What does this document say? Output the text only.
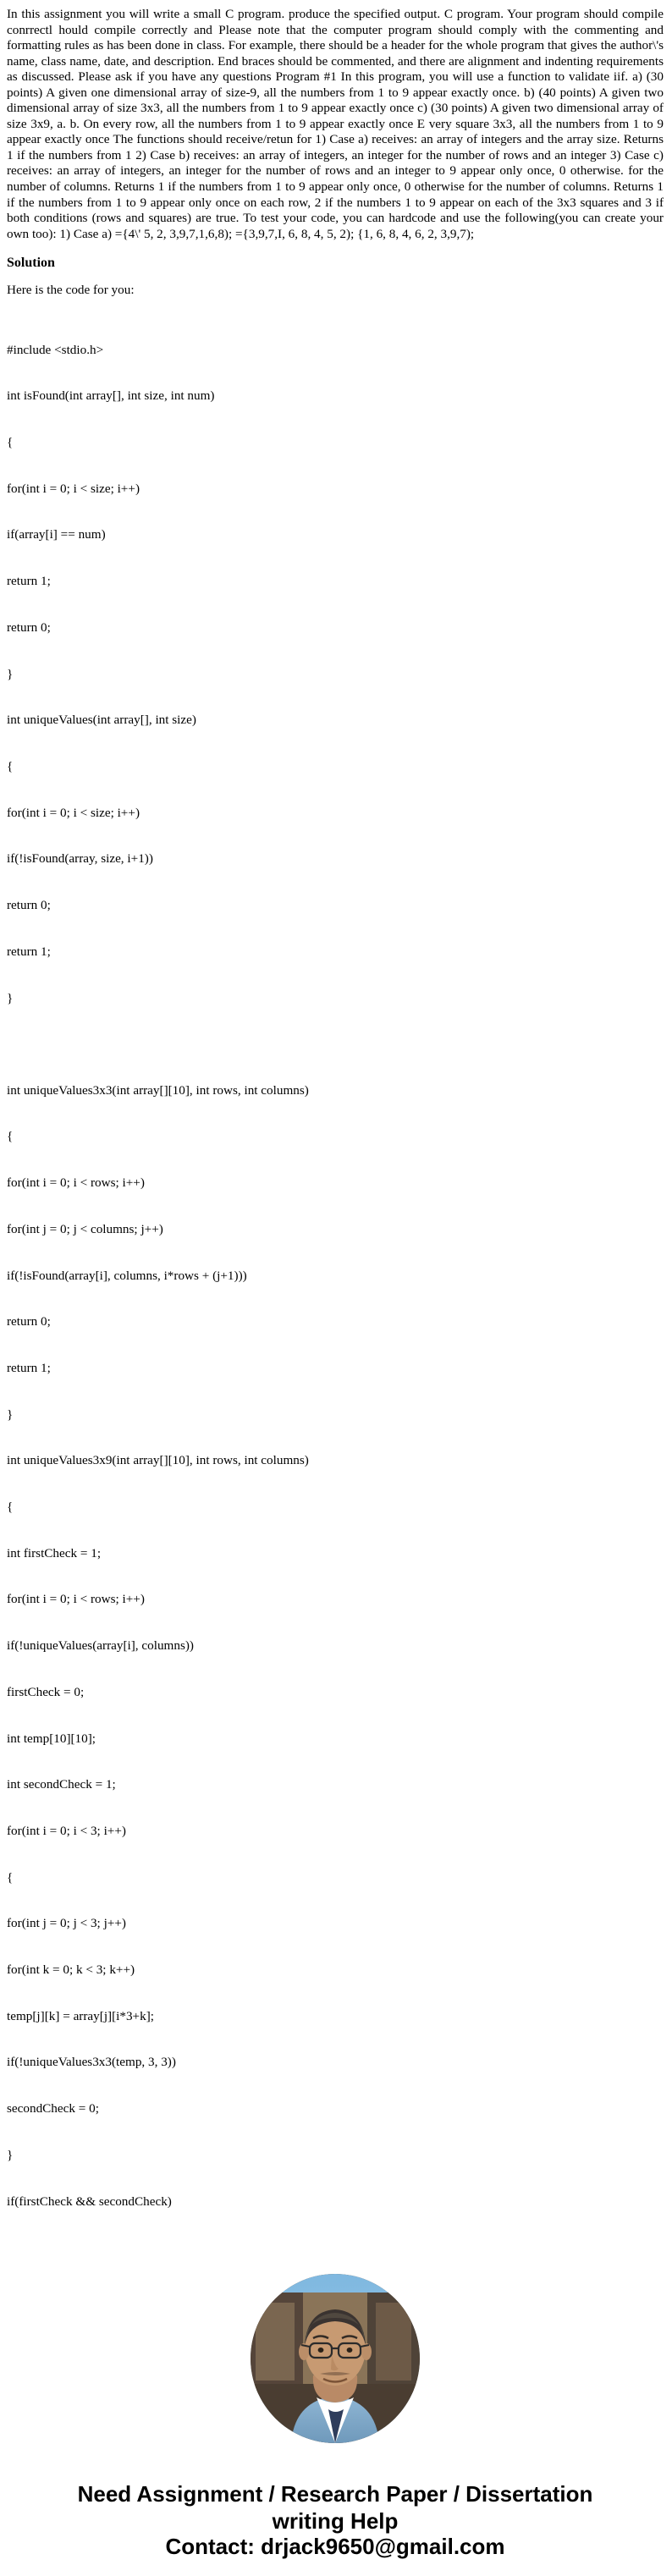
In this assignment you will write a small C program. produce the specified output. C program. Your program should compile conrrectl hould compile correctly and Please note that the computer program should comply with the commenting and formatting rules as has been done in class. For example, there should be a header for the whole program that gives the author\'s name, class name, date, and description. End braces should be commented, and there are alignment and indenting requirements as discussed. Please ask if you have any questions Program #1 In this program, you will use a function to validate iif. a) (30 points) A given one dimensional array of size-9, all the numbers from 1 to 9 appear exactly once. b) (40 points) A given two dimensional array of size 3x3, all the numbers from 1 to 9 appear exactly once c) (30 points) A given two dimensional array of size 3x9, a. b. On every row, all the numbers from 1 to 9 appear exactly once E very square 3x3, all the numbers from 1 to 9 appear exactly once The functions should receive/retun for 1) Case a) receives: an array of integers and the array size. Returns 1 if the numbers from 1 2) Case b) receives: an array of integers, an integer for the number of rows and an integer 3) Case c) receives: an array of integers, an integer for the number of rows and an integer to 9 appear only once, 0 otherwise. for the number of columns. Returns 1 if the numbers from 1 to 9 appear only once, 0 otherwise for the number of columns. Returns 1 if the numbers from 1 to 9 appear only once on each row, 2 if the numbers 1 to 9 appear on each of the 3x3 squares and 3 if both conditions (rows and squares) are true. To test your code, you can hardcode and use the following(you can create your own too): 1) Case a) ={4\' 5, 2, 3,9,7,1,6,8); ={3,9,7,I, 6, 8, 4, 5, 2); {1, 6, 8, 4, 6, 2, 3,9,7);

Solution

Here is the code for you:

#include <stdio.h>

int isFound(int array[], int size, int num)

{

for(int i = 0; i < size; i++)

if(array[i] == num)

return 1;

return 0;

}

int uniqueValues(int array[], int size)

{

for(int i = 0; i < size; i++)

if(!isFound(array, size, i+1))

return 0;

return 1;

}

int uniqueValues3x3(int array[][10], int rows, int columns)

{

for(int i = 0; i < rows; i++)

for(int j = 0; j < columns; j++)

if(!isFound(array[i], columns, i*rows + (j+1)))

return 0;

return 1;

}

int uniqueValues3x9(int array[][10], int rows, int columns)

{

int firstCheck = 1;

for(int i = 0; i < rows; i++)

if(!uniqueValues(array[i], columns))

firstCheck = 0;

int temp[10][10];

int secondCheck = 1;

for(int i = 0; i < 3; i++)

{

for(int j = 0; j < 3; j++)

for(int k = 0; k < 3; k++)

temp[j][k] = array[j][i*3+k];

if(!uniqueValues3x3(temp, 3, 3))

secondCheck = 0;

}

if(firstCheck && secondCheck)

Need Assignment / Research Paper / Dissertation
writing Help
Contact: drjack9650@gmail.com
